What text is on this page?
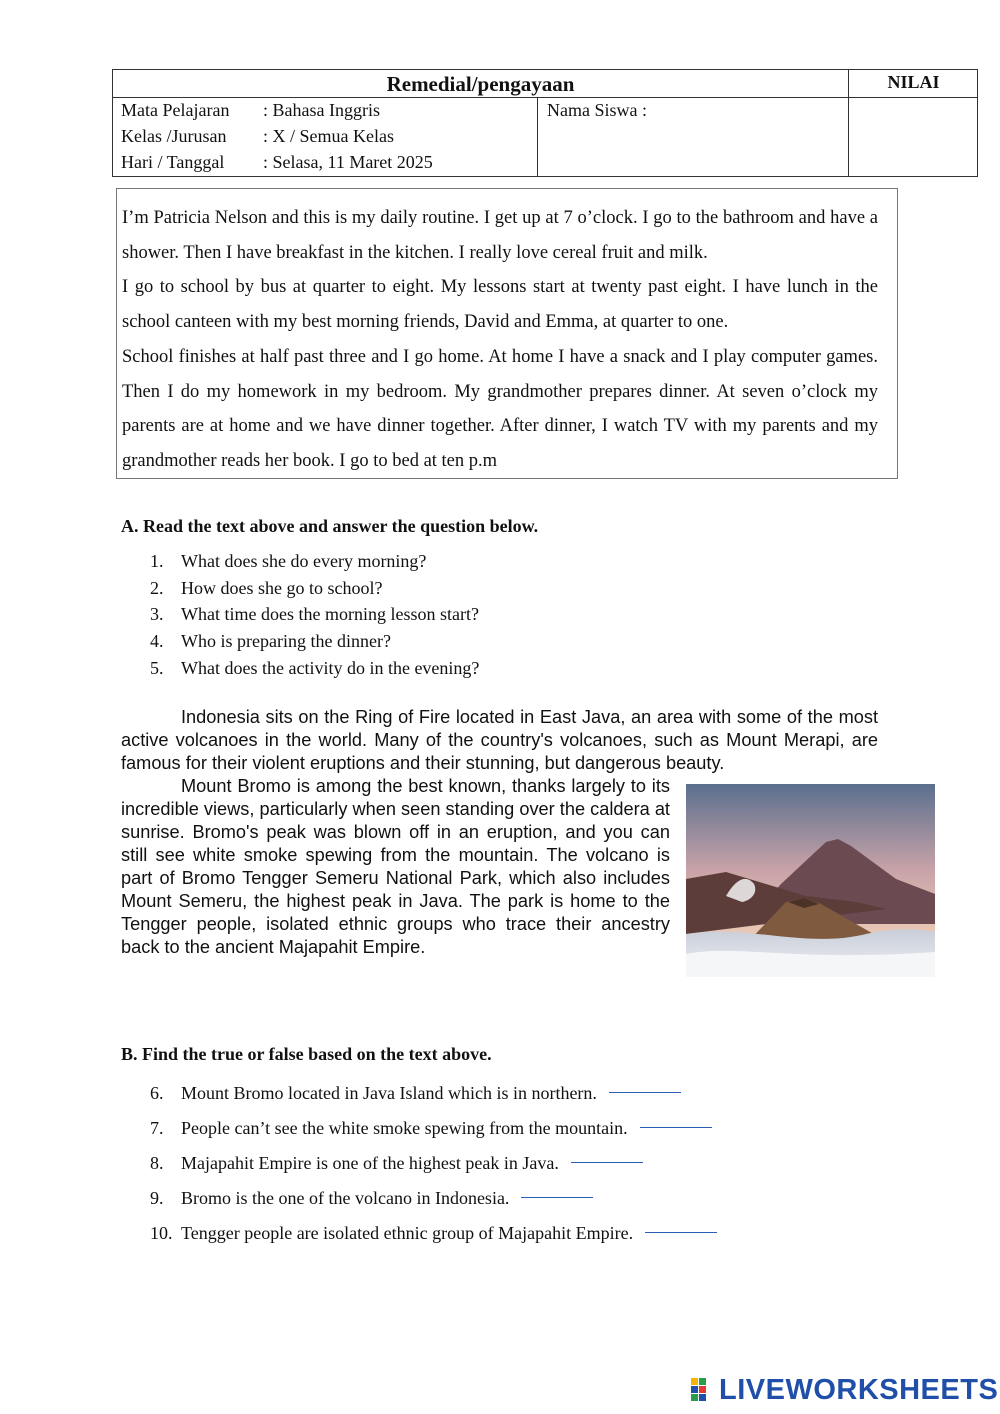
Remedial/pengayaan	NILAI
Mata Pelajaran : Bahasa Inggris
Kelas /Jurusan : X / Semua Kelas
Hari / Tanggal : Selasa, 11 Maret 2025
Nama Siswa :

I’m Patricia Nelson and this is my daily routine. I get up at 7 o’clock. I go to the bathroom and have a shower. Then I have breakfast in the kitchen. I really love cereal fruit and milk.

I go to school by bus at quarter to eight. My lessons start at twenty past eight. I have lunch in the school canteen with my best morning friends, David and Emma, at quarter to one.

School finishes at half past three and I go home. At home I have a snack and I play computer games. Then I do my homework in my bedroom. My grandmother prepares dinner. At seven o’clock my parents are at home and we have dinner together. After dinner, I watch TV with my parents and my grandmother reads her book. I go to bed at ten p.m

A. Read the text above and answer the question below.
1. What does she do every morning?
2. How does she go to school?
3. What time does the morning lesson start?
4. Who is preparing the dinner?
5. What does the activity do in the evening?

Indonesia sits on the Ring of Fire located in East Java, an area with some of the most active volcanoes in the world. Many of the country's volcanoes, such as Mount Merapi, are famous for their violent eruptions and their stunning, but dangerous beauty.

Mount Bromo is among the best known, thanks largely to its incredible views, particularly when seen standing over the caldera at sunrise. Bromo's peak was blown off in an eruption, and you can still see white smoke spewing from the mountain. The volcano is part of Bromo Tengger Semeru National Park, which also includes Mount Semeru, the highest peak in Java. The park is home to the Tengger people, isolated ethnic groups who trace their ancestry back to the ancient Majapahit Empire.

B. Find the true or false based on the text above.
6. Mount Bromo located in Java Island which is in northern.
7. People can’t see the white smoke spewing from the mountain.
8. Majapahit Empire is one of the highest peak in Java.
9. Bromo is the one of the volcano in Indonesia.
10. Tengger people are isolated ethnic group of Majapahit Empire.
LIVEWORKSHEETS
